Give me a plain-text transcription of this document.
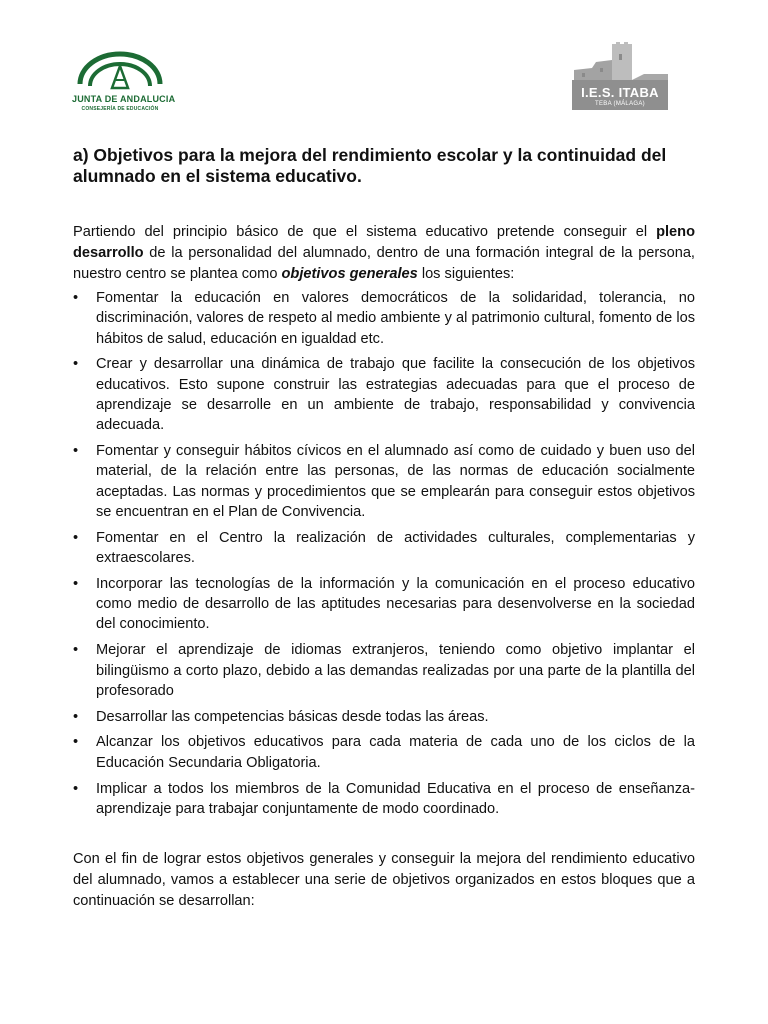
JUNTA DE ANDALUCIA
CONSEJERÍA DE EDUCACIÓN
I.E.S. ITABA
TEBA (MÁLAGA)
a) Objetivos para la mejora del rendimiento escolar y la continuidad del alumnado en el sistema educativo.

Partiendo del principio básico de que el sistema educativo pretende conseguir el pleno desarrollo de la personalidad del alumnado, dentro de una formación integral de la persona, nuestro centro se plantea como objetivos generales los siguientes:

• Fomentar la educación en valores democráticos de la solidaridad, tolerancia, no discriminación, valores de respeto al medio ambiente y al patrimonio cultural, fomento de los hábitos de salud, educación en igualdad etc.
• Crear y desarrollar una dinámica de trabajo que facilite la consecución de los objetivos educativos. Esto supone construir las estrategias adecuadas para que el proceso de aprendizaje se desarrolle en un ambiente de trabajo, responsabilidad y convivencia adecuada.
• Fomentar y conseguir hábitos cívicos en el alumnado así como de cuidado y buen uso del material, de la relación entre las personas, de las normas de educación socialmente aceptadas. Las normas y procedimientos que se emplearán para conseguir estos objetivos se encuentran en el Plan de Convivencia.
• Fomentar en el Centro la realización de actividades culturales, complementarias y extraescolares.
• Incorporar las tecnologías de la información y la comunicación en el proceso educativo como medio de desarrollo de las aptitudes necesarias para desenvolverse en la sociedad del conocimiento.
• Mejorar el aprendizaje de idiomas extranjeros, teniendo como objetivo implantar el bilingüismo a corto plazo, debido a las demandas realizadas por una parte de la plantilla del profesorado
• Desarrollar las competencias básicas desde todas las áreas.
• Alcanzar los objetivos educativos para cada materia de cada uno de los ciclos de la Educación Secundaria Obligatoria.
• Implicar a todos los miembros de la Comunidad Educativa en el proceso de enseñanza-aprendizaje para trabajar conjuntamente de modo coordinado.

Con el fin de lograr estos objetivos generales y conseguir la mejora del rendimiento educativo del alumnado, vamos a establecer una serie de objetivos organizados en estos bloques que a continuación se desarrollan:
